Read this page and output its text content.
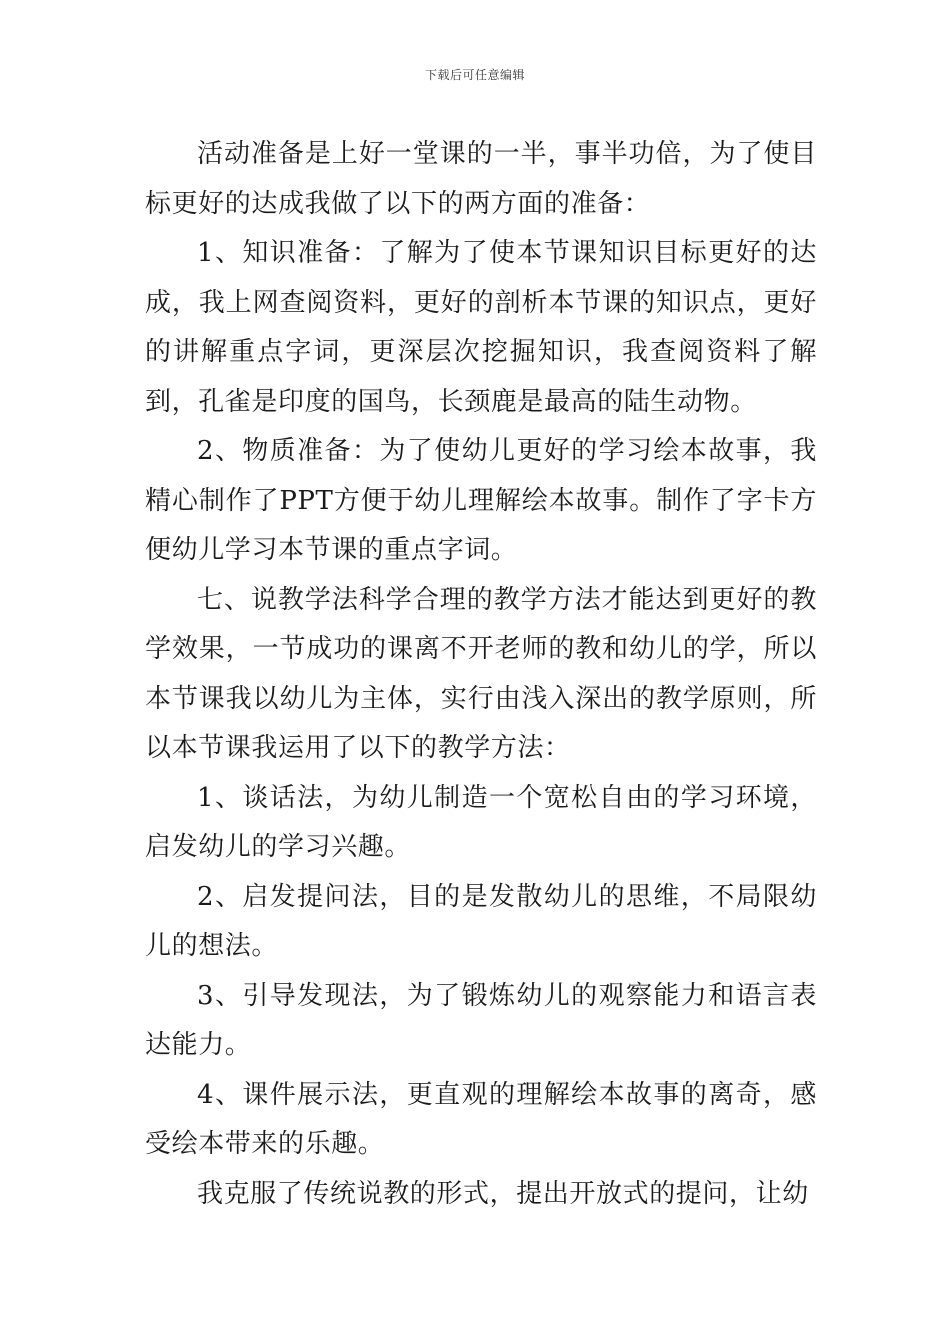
下载后可任意编辑

活动准备是上好一堂课的一半，事半功倍，为了使目标更好的达成我做了以下的两方面的准备：

1、知识准备：了解为了使本节课知识目标更好的达成，我上网查阅资料，更好的剖析本节课的知识点，更好的讲解重点字词，更深层次挖掘知识，我查阅资料了解到，孔雀是印度的国鸟，长颈鹿是最高的陆生动物。

2、物质准备：为了使幼儿更好的学习绘本故事，我精心制作了PPT方便于幼儿理解绘本故事。制作了字卡方便幼儿学习本节课的重点字词。

七、说教学法科学合理的教学方法才能达到更好的教学效果，一节成功的课离不开老师的教和幼儿的学，所以本节课我以幼儿为主体，实行由浅入深出的教学原则，所以本节课我运用了以下的教学方法：

1、谈话法，为幼儿制造一个宽松自由的学习环境，启发幼儿的学习兴趣。

2、启发提问法，目的是发散幼儿的思维，不局限幼儿的想法。

3、引导发现法，为了锻炼幼儿的观察能力和语言表达能力。

4、课件展示法，更直观的理解绘本故事的离奇，感受绘本带来的乐趣。

我克服了传统说教的形式，提出开放式的提问，让幼
